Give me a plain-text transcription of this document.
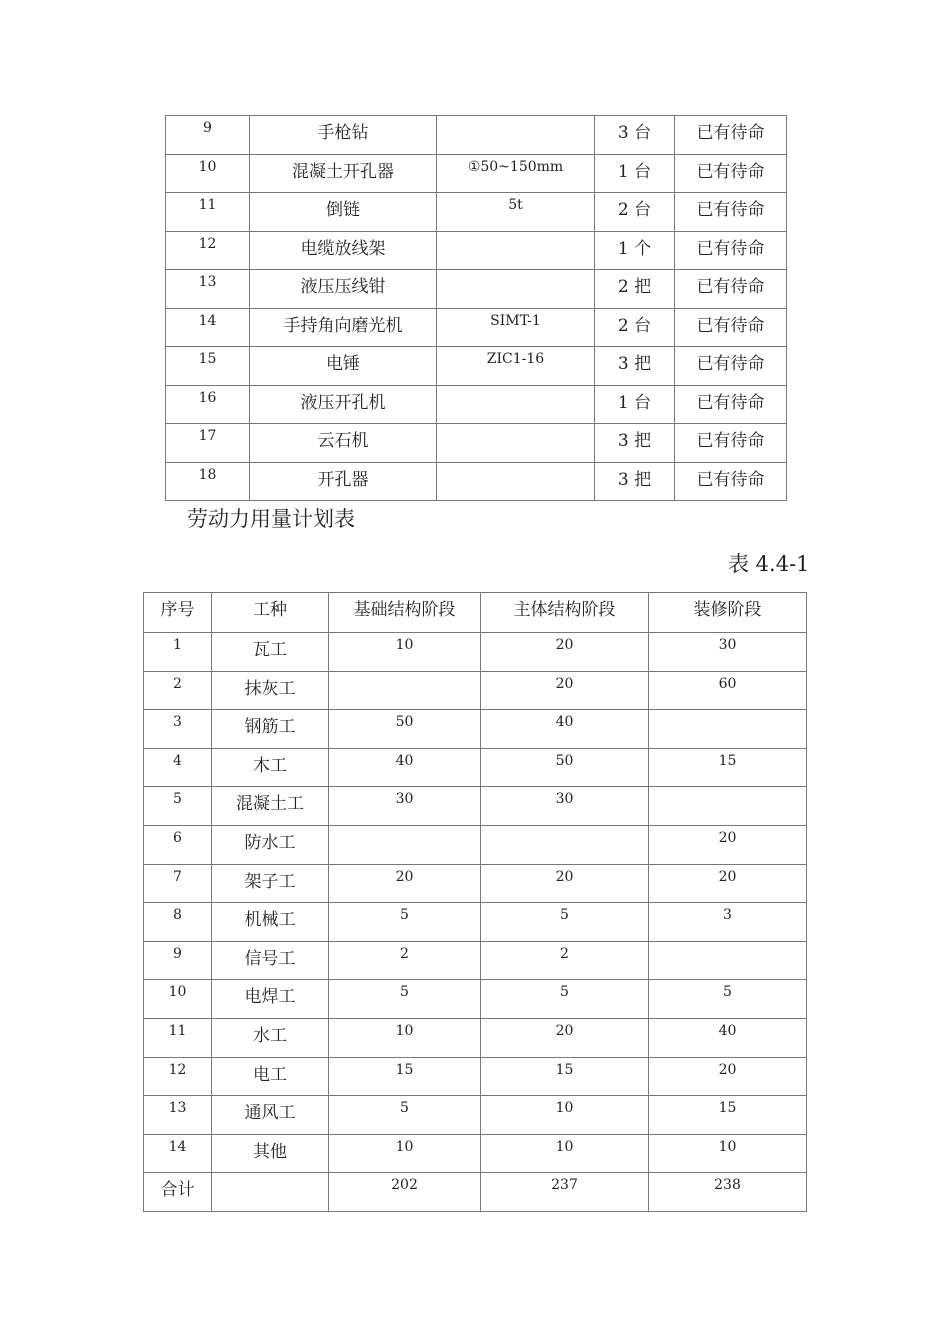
9	手枪钻		3 台	已有待命
10	混凝土开孔器	①50~150mm	1 台	已有待命
11	倒链	5t	2 台	已有待命
12	电缆放线架		1 个	已有待命
13	液压压线钳		2 把	已有待命
14	手持角向磨光机	SIMT-1	2 台	已有待命
15	电锤	ZIC1-16	3 把	已有待命
16	液压开孔机		1 台	已有待命
17	云石机		3 把	已有待命
18	开孔器		3 把	已有待命
劳动力用量计划表
表 4.4-1
序号	工种	基础结构阶段	主体结构阶段	装修阶段
1	瓦工	10	20	30
2	抹灰工		20	60
3	钢筋工	50	40	
4	木工	40	50	15
5	混凝土工	30	30	
6	防水工			20
7	架子工	20	20	20
8	机械工	5	5	3
9	信号工	2	2	
10	电焊工	5	5	5
11	水工	10	20	40
12	电工	15	15	20
13	通风工	5	10	15
14	其他	10	10	10
合计		202	237	238
